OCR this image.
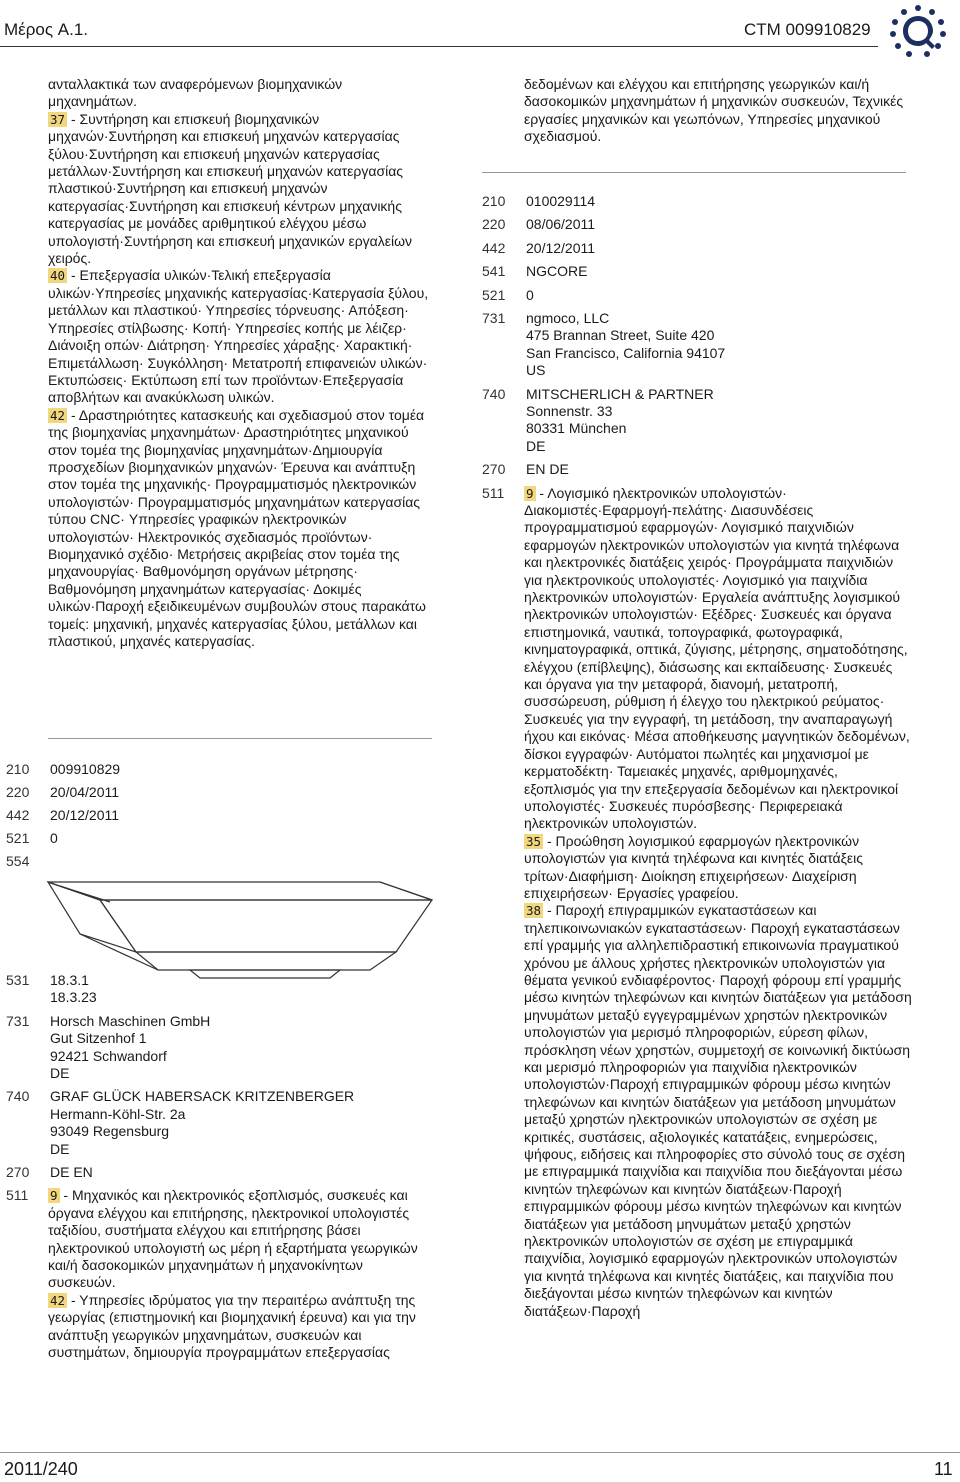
Μέρος A.1.	CTM 009910829

ανταλλακτικά των αναφερόμενων βιομηχανικών μηχανημάτων.

37 - Συντήρηση και επισκευή βιομηχανικών μηχανών·Συντήρηση και επισκευή μηχανών κατεργασίας ξύλου·Συντήρηση και επισκευή μηχανών κατεργασίας μετάλλων·Συντήρηση και επισκευή μηχανών κατεργασίας πλαστικού·Συντήρηση και επισκευή μηχανών κατεργασίας·Συντήρηση και επισκευή κέντρων μηχανικής κατεργασίας με μονάδες αριθμητικού ελέγχου μέσω υπολογιστή·Συντήρηση και επισκευή μηχανικών εργαλείων χειρός.

40 - Επεξεργασία υλικών·Τελική επεξεργασία υλικών·Υπηρεσίες μηχανικής κατεργασίας·Κατεργασία ξύλου, μετάλλων και πλαστικού· Υπηρεσίες τόρνευσης· Απόξεση· Υπηρεσίες στίλβωσης· Κοπή· Υπηρεσίες κοπής με λέιζερ· Διάνοιξη οπών· Διάτρηση· Υπηρεσίες χάραξης· Χαρακτική· Επιμετάλλωση· Συγκόλληση· Μετατροπή επιφανειών υλικών· Εκτυπώσεις· Εκτύπωση επί των προϊόντων·Επεξεργασία αποβλήτων και ανακύκλωση υλικών.

42 - Δραστηριότητες κατασκευής και σχεδιασμού στον τομέα της βιομηχανίας μηχανημάτων· Δραστηριότητες μηχανικού στον τομέα της βιομηχανίας μηχανημάτων·Δημιουργία προσχεδίων βιομηχανικών μηχανών· Έρευνα και ανάπτυξη στον τομέα της μηχανικής· Προγραμματισμός ηλεκτρονικών υπολογιστών· Προγραμματισμός μηχανημάτων κατεργασίας τύπου CNC· Υπηρεσίες γραφικών ηλεκτρονικών υπολογιστών· Ηλεκτρονικός σχεδιασμός προϊόντων· Βιομηχανικό σχέδιο· Μετρήσεις ακριβείας στον τομέα της μηχανουργίας· Βαθμονόμηση οργάνων μέτρησης· Βαθμονόμηση μηχανημάτων κατεργασίας· Δοκιμές υλικών·Παροχή εξειδικευμένων συμβουλών στους παρακάτω τομείς: μηχανική, μηχανές κατεργασίας ξύλου, μετάλλων και πλαστικού, μηχανές κατεργασίας.

210	009910829
220	20/04/2011
442	20/12/2011
521	0
554
531	18.3.1
18.3.23
731	Horsch Maschinen GmbH
Gut Sitzenhof 1
92421 Schwandorf
DE
740	GRAF GLÜCK HABERSACK KRITZENBERGER
Hermann-Köhl-Str. 2a
93049 Regensburg
DE
270	DE EN
511	9 - Μηχανικός και ηλεκτρονικός εξοπλισμός, συσκευές και όργανα ελέγχου και επιτήρησης, ηλεκτρονικοί υπολογιστές ταξιδίου, συστήματα ελέγχου και επιτήρησης βάσει ηλεκτρονικού υπολογιστή ως μέρη ή εξαρτήματα γεωργικών και/ή δασοκομικών μηχανημάτων ή μηχανοκίνητων συσκευών.

42 - Υπηρεσίες ιδρύματος για την περαιτέρω ανάπτυξη της γεωργίας (επιστημονική και βιομηχανική έρευνα) και για την ανάπτυξη γεωργικών μηχανημάτων, συσκευών και συστημάτων, δημιουργία προγραμμάτων επεξεργασίας

δεδομένων και ελέγχου και επιτήρησης γεωργικών και/ή δασοκομικών μηχανημάτων ή μηχανικών συσκευών, Τεχνικές εργασίες μηχανικών και γεωπόνων, Υπηρεσίες μηχανικού σχεδιασμού.

210	010029114
220	08/06/2011
442	20/12/2011
541	NGCORE
521	0
731	ngmoco, LLC
475 Brannan Street, Suite 420
San Francisco, California 94107
US
740	MITSCHERLICH & PARTNER
Sonnenstr. 33
80331 München
DE
270	EN DE
511	9 - Λογισμικό ηλεκτρονικών υπολογιστών· Διακομιστές·Εφαρμογή-πελάτης· Διασυνδέσεις προγραμματισμού εφαρμογών· Λογισμικό παιχνιδιών εφαρμογών ηλεκτρονικών υπολογιστών για κινητά τηλέφωνα και ηλεκτρονικές διατάξεις χειρός· Προγράμματα παιχνιδιών για ηλεκτρονικούς υπολογιστές· Λογισμικό για παιχνίδια ηλεκτρονικών υπολογιστών· Εργαλεία ανάπτυξης λογισμικού ηλεκτρονικών υπολογιστών· Εξέδρες· Συσκευές και όργανα επιστημονικά, ναυτικά, τοπογραφικά, φωτογραφικά, κινηματογραφικά, οπτικά, ζύγισης, μέτρησης, σηματοδότησης, ελέγχου (επίβλεψης), διάσωσης και εκπαίδευσης· Συσκευές και όργανα για την μεταφορά, διανομή, μετατροπή, συσσώρευση, ρύθμιση ή έλεγχο του ηλεκτρικού ρεύματος· Συσκευές για την εγγραφή, τη μετάδοση, την αναπαραγωγή ήχου και εικόνας· Μέσα αποθήκευσης μαγνητικών δεδομένων, δίσκοι εγγραφών· Αυτόματοι πωλητές και μηχανισμοί με κερματοδέκτη· Ταμειακές μηχανές, αριθμομηχανές, εξοπλισμός για την επεξεργασία δεδομένων και ηλεκτρονικοί υπολογιστές· Συσκευές πυρόσβεσης· Περιφερειακά ηλεκτρονικών υπολογιστών.

35 - Προώθηση λογισμικού εφαρμογών ηλεκτρονικών υπολογιστών για κινητά τηλέφωνα και κινητές διατάξεις τρίτων·Διαφήμιση· Διοίκηση επιχειρήσεων· Διαχείριση επιχειρήσεων· Εργασίες γραφείου.

38 - Παροχή επιγραμμικών εγκαταστάσεων και τηλεπικοινωνιακών εγκαταστάσεων· Παροχή εγκαταστάσεων επί γραμμής για αλληλεπιδραστική επικοινωνία πραγματικού χρόνου με άλλους χρήστες ηλεκτρονικών υπολογιστών για θέματα γενικού ενδιαφέροντος· Παροχή φόρουμ επί γραμμής μέσω κινητών τηλεφώνων και κινητών διατάξεων για μετάδοση μηνυμάτων μεταξύ εγγεγραμμένων χρηστών ηλεκτρονικών υπολογιστών για μερισμό πληροφοριών, εύρεση φίλων, πρόσκληση νέων χρηστών, συμμετοχή σε κοινωνική δικτύωση και μερισμό πληροφοριών για παιχνίδια ηλεκτρονικών υπολογιστών·Παροχή επιγραμμικών φόρουμ μέσω κινητών τηλεφώνων και κινητών διατάξεων για μετάδοση μηνυμάτων μεταξύ χρηστών ηλεκτρονικών υπολογιστών σε σχέση με κριτικές, συστάσεις, αξιολογικές κατατάξεις, ενημερώσεις, ψήφους, ειδήσεις και πληροφορίες στο σύνολό τους σε σχέση με επιγραμμικά παιχνίδια και παιχνίδια που διεξάγονται μέσω κινητών τηλεφώνων και κινητών διατάξεων·Παροχή επιγραμμικών φόρουμ μέσω κινητών τηλεφώνων και κινητών διατάξεων για μετάδοση μηνυμάτων μεταξύ χρηστών ηλεκτρονικών υπολογιστών σε σχέση με επιγραμμικά παιχνίδια, λογισμικό εφαρμογών ηλεκτρονικών υπολογιστών για κινητά τηλέφωνα και κινητές διατάξεις, και παιχνίδια που διεξάγονται μέσω κινητών τηλεφώνων και κινητών διατάξεων·Παροχή

2011/240	11
